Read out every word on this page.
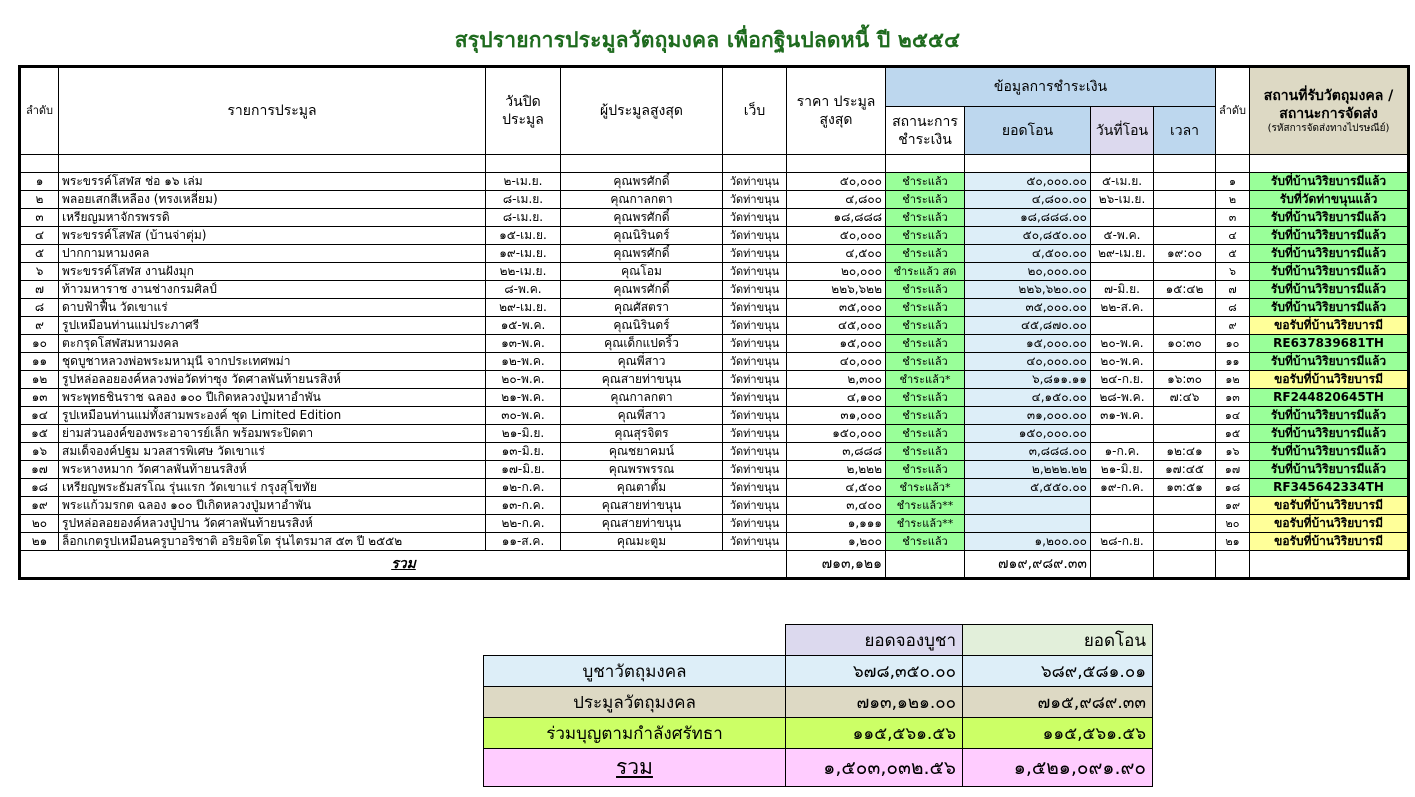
สรุปรายการประมูลวัตถุมงคล เพื่อกฐินปลดหนี้ ปี ๒๕๕๔
ลำดับ	รายการประมูล	วันปิด ประมูล	ผู้ประมูลสูงสุด	เว็บ	ราคา ประมูลสูงสุด	ข้อมูลการชำระเงิน				ลำดับ	สถานที่รับวัตถุมงคล / สถานะการจัดส่ง
(รหัสการจัดส่งทางไปรษณีย์)

						สถานะการ ชำระเงิน	ยอดโอน	วันที่โอน	เวลา		

๑	พระขรรค์โสฬส ช่อ ๑๖ เล่ม	๒-เม.ย.	คุณพรศักดิ์	วัดท่าขนุน	๕๐,๐๐๐	ชำระแล้ว	๕๐,๐๐๐.๐๐	๕-เม.ย.		๑	รับที่บ้านวิริยบารมีแล้ว
๒	พลอยเสกสีเหลือง (ทรงเหลี่ยม)	๘-เม.ย.	คุณกาลกตา	วัดท่าขนุน	๔,๘๐๐	ชำระแล้ว	๔,๘๐๐.๐๐	๒๖-เม.ย.		๒	รับที่วัดท่าขนุนแล้ว
๓	เหรียญมหาจักรพรรดิ	๘-เม.ย.	คุณพรศักดิ์	วัดท่าขนุน	๑๘,๘๘๘	ชำระแล้ว	๑๘,๘๘๘.๐๐			๓	รับที่บ้านวิริยบารมีแล้ว
๔	พระขรรค์โสฬส (บ้านจ่าตุ่ม)	๑๕-เม.ย.	คุณนิรินดร์	วัดท่าขนุน	๕๐,๐๐๐	ชำระแล้ว	๕๐,๘๕๐.๐๐	๕-พ.ค.		๔	รับที่บ้านวิริยบารมีแล้ว
๕	ปากกามหามงคล	๑๙-เม.ย.	คุณพรศักดิ์	วัดท่าขนุน	๔,๕๐๐	ชำระแล้ว	๔,๕๐๐.๐๐	๒๙-เม.ย.	๑๙:๐๐	๕	รับที่บ้านวิริยบารมีแล้ว
๖	พระขรรค์โสฬส งานฝังมุก	๒๒-เม.ย.	คุณโอม	วัดท่าขนุน	๒๐,๐๐๐	ชำระแล้ว สด	๒๐,๐๐๐.๐๐			๖	รับที่บ้านวิริยบารมีแล้ว
๗	ท้าวมหาราช งานช่างกรมศิลป์	๘-พ.ค.	คุณพรศักดิ์	วัดท่าขนุน	๒๒๖,๖๒๒	ชำระแล้ว	๒๒๖,๖๒๐.๐๐	๗-มิ.ย.	๑๕:๔๒	๗	รับที่บ้านวิริยบารมีแล้ว
๘	ดาบฟ้าฟื้น วัดเขาแร่	๒๙-เม.ย.	คุณศัสตรา	วัดท่าขนุน	๓๕,๐๐๐	ชำระแล้ว	๓๕,๐๐๐.๐๐	๒๒-ส.ค.		๘	รับที่บ้านวิริยบารมีแล้ว
๙	รูปเหมือนท่านแม่ประภาศรี	๑๕-พ.ค.	คุณนิรินดร์	วัดท่าขนุน	๔๕,๐๐๐	ชำระแล้ว	๔๕,๘๗๐.๐๐			๙	ขอรับที่บ้านวิริยบารมี
๑๐	ตะกรุดโสฬสมหามงคล	๑๓-พ.ค.	คุณเด็กแปดริ้ว	วัดท่าขนุน	๑๕,๐๐๐	ชำระแล้ว	๑๕,๐๐๐.๐๐	๒๐-พ.ค.	๑๐:๓๐	๑๐	RE637839681TH
๑๑	ชุดบูชาหลวงพ่อพระมหามุนี จากประเทศพม่า	๑๒-พ.ค.	คุณพี่สาว	วัดท่าขนุน	๔๐,๐๐๐	ชำระแล้ว	๔๐,๐๐๐.๐๐	๒๐-พ.ค.		๑๑	รับที่บ้านวิริยบารมีแล้ว
๑๒	รูปหล่อลอยองค์หลวงพ่อวัดท่าซุง วัดศาลพันท้ายนรสิงห์	๒๐-พ.ค.	คุณสายท่าขนุน	วัดท่าขนุน	๒,๓๐๐	ชำระแล้ว*	๖,๘๑๑.๑๑	๒๔-ก.ย.	๑๖:๓๐	๑๒	ขอรับที่บ้านวิริยบารมี
๑๓	พระพุทธชินราช ฉลอง ๑๐๐ ปีเกิดหลวงปู่มหาอำพัน	๒๑-พ.ค.	คุณกาลกตา	วัดท่าขนุน	๔,๑๐๐	ชำระแล้ว	๔,๑๕๐.๐๐	๒๘-พ.ค.	๗:๔๖	๑๓	RF244820645TH
๑๔	รูปเหมือนท่านแม่ทั้งสามพระองค์ ชุด Limited Edition	๓๐-พ.ค.	คุณพี่สาว	วัดท่าขนุน	๓๑,๐๐๐	ชำระแล้ว	๓๑,๐๐๐.๐๐	๓๑-พ.ค.		๑๔	รับที่บ้านวิริยบารมีแล้ว
๑๕	ย่ามส่วนองค์ของพระอาจารย์เล็ก พร้อมพระปิดตา	๒๑-มิ.ย.	คุณสุรจิตร	วัดท่าขนุน	๑๕๐,๐๐๐	ชำระแล้ว	๑๕๐,๐๐๐.๐๐			๑๕	รับที่บ้านวิริยบารมีแล้ว
๑๖	สมเด็จองค์ปฐม มวลสารพิเศษ วัดเขาแร่	๑๓-มิ.ย.	คุณชยาคมน์	วัดท่าขนุน	๓,๘๘๘	ชำระแล้ว	๓,๘๘๘.๐๐	๑-ก.ค.	๑๒:๔๑	๑๖	รับที่บ้านวิริยบารมีแล้ว
๑๗	พระหางหมาก วัดศาลพันท้ายนรสิงห์	๑๗-มิ.ย.	คุณพรพรรณ	วัดท่าขนุน	๒,๒๒๒	ชำระแล้ว	๒,๒๒๒.๒๒	๒๑-มิ.ย.	๑๗:๔๕	๑๗	รับที่บ้านวิริยบารมีแล้ว
๑๘	เหรียญพระธัมสรโณ รุ่นแรก วัดเขาแร่ กรุงสุโขทัย	๑๒-ก.ค.	คุณตาตั้ม	วัดท่าขนุน	๔,๕๐๐	ชำระแล้ว*	๕,๕๕๐.๐๐	๑๙-ก.ค.	๑๓:๕๑	๑๘	RF345642334TH
๑๙	พระแก้วมรกต ฉลอง ๑๐๐ ปีเกิดหลวงปู่มหาอำพัน	๑๓-ก.ค.	คุณสายท่าขนุน	วัดท่าขนุน	๓,๔๐๐	ชำระแล้ว**				๑๙	ขอรับที่บ้านวิริยบารมี
๒๐	รูปหล่อลอยองค์หลวงปู่ปาน วัดศาลพันท้ายนรสิงห์	๒๒-ก.ค.	คุณสายท่าขนุน	วัดท่าขนุน	๑,๑๑๑	ชำระแล้ว**				๒๐	ขอรับที่บ้านวิริยบารมี
๒๑	ล็อกเกตรูปเหมือนครูบาอริชาติ อริยจิตโต รุ่นไตรมาส ๕๓ ปี ๒๕๕๒	๑๑-ส.ค.	คุณมะตูม	วัดท่าขนุน	๑,๒๐๐	ชำระแล้ว	๑,๒๐๐.๐๐	๒๘-ก.ย.		๒๑	ขอรับที่บ้านวิริยบารมี
รวม					๗๑๓,๑๒๑		๗๑๙,๙๘๙.๓๓				
	ยอดจองบูชา	ยอดโอน
บูชาวัตถุมงคล	๖๗๘,๓๕๐.๐๐	๖๘๙,๕๘๑.๐๑
ประมูลวัตถุมงคล	๗๑๓,๑๒๑.๐๐	๗๑๕,๙๘๙.๓๓
ร่วมบุญตามกำลังศรัทธา	๑๑๕,๕๖๑.๕๖	๑๑๕,๕๖๑.๕๖
รวม	๑,๕๐๓,๐๓๒.๕๖	๑,๕๒๑,๐๙๑.๙๐
